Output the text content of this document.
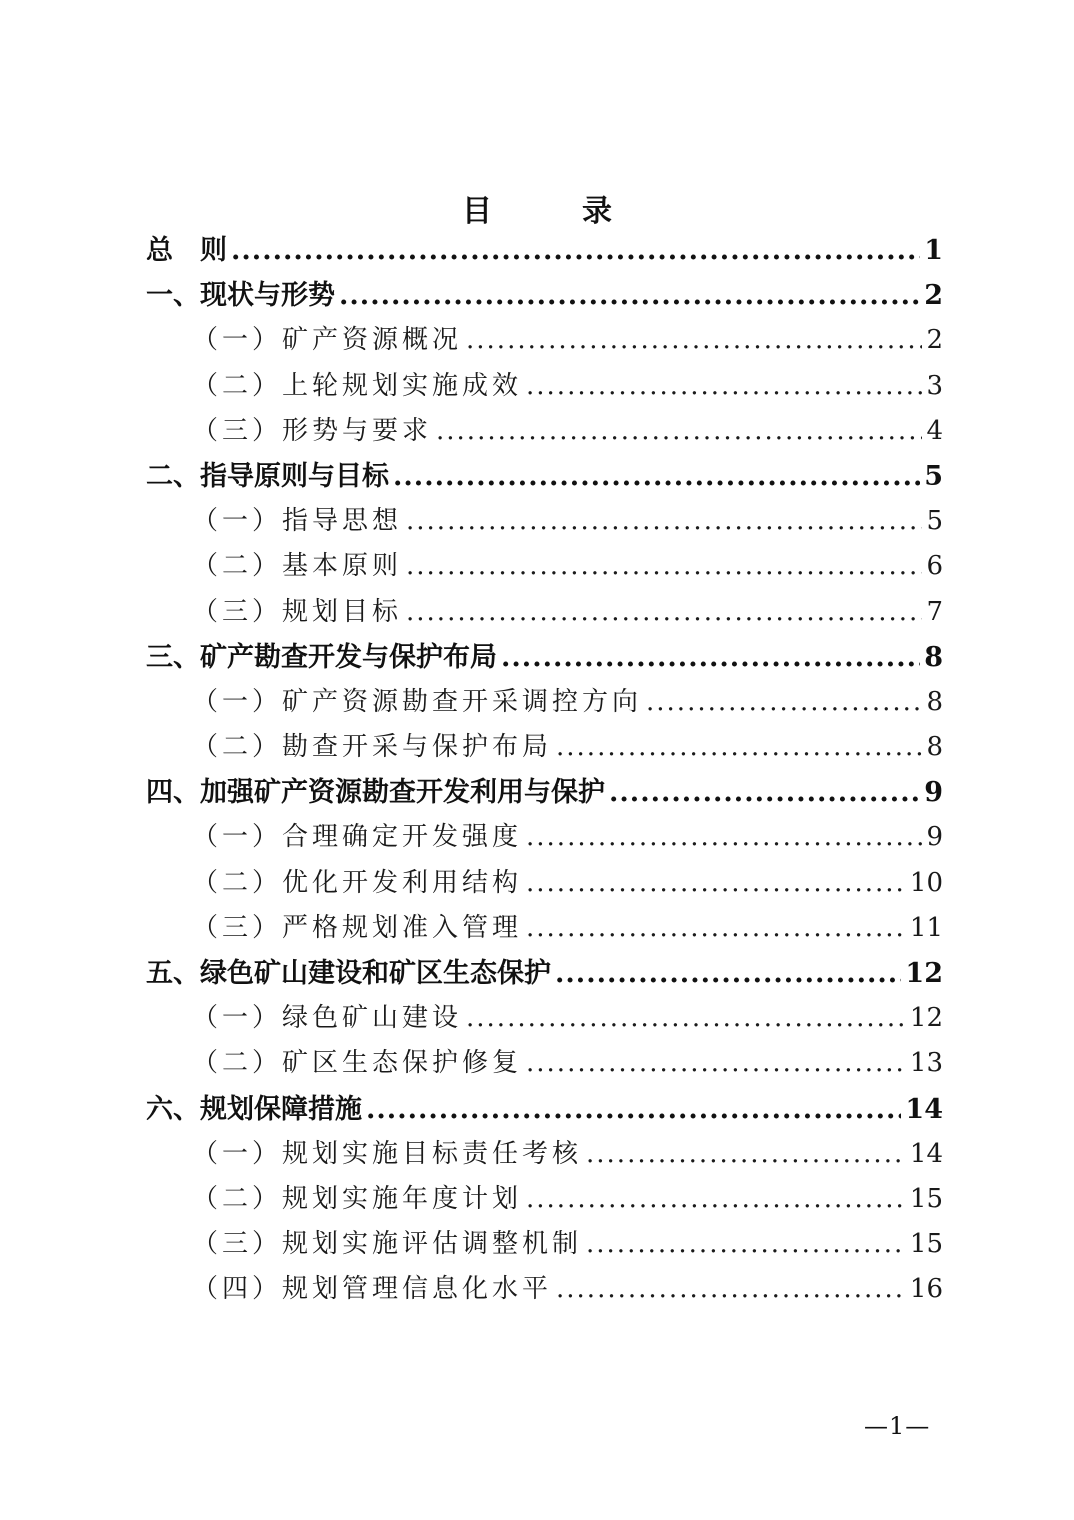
目　录
总　则 .....	1
一、现状与形势 .....	2
（一）矿产资源概况 .....	2
（二）上轮规划实施成效 .....	3
（三）形势与要求 .....	4
二、指导原则与目标 .....	5
（一）指导思想 .....	5
（二）基本原则 .....	6
（三）规划目标 .....	7
三、矿产勘查开发与保护布局 .....	8
（一）矿产资源勘查开采调控方向 .....	8
（二）勘查开采与保护布局 .....	8
四、加强矿产资源勘查开发利用与保护 .....	9
（一）合理确定开发强度 .....	9
（二）优化开发利用结构 .....	10
（三）严格规划准入管理 .....	11
五、绿色矿山建设和矿区生态保护 .....	12
（一）绿色矿山建设 .....	12
（二）矿区生态保护修复 .....	13
六、规划保障措施 .....	14
（一）规划实施目标责任考核 .....	14
（二）规划实施年度计划 .....	15
（三）规划实施评估调整机制 .....	15
（四）规划管理信息化水平 .....	16
—1—
